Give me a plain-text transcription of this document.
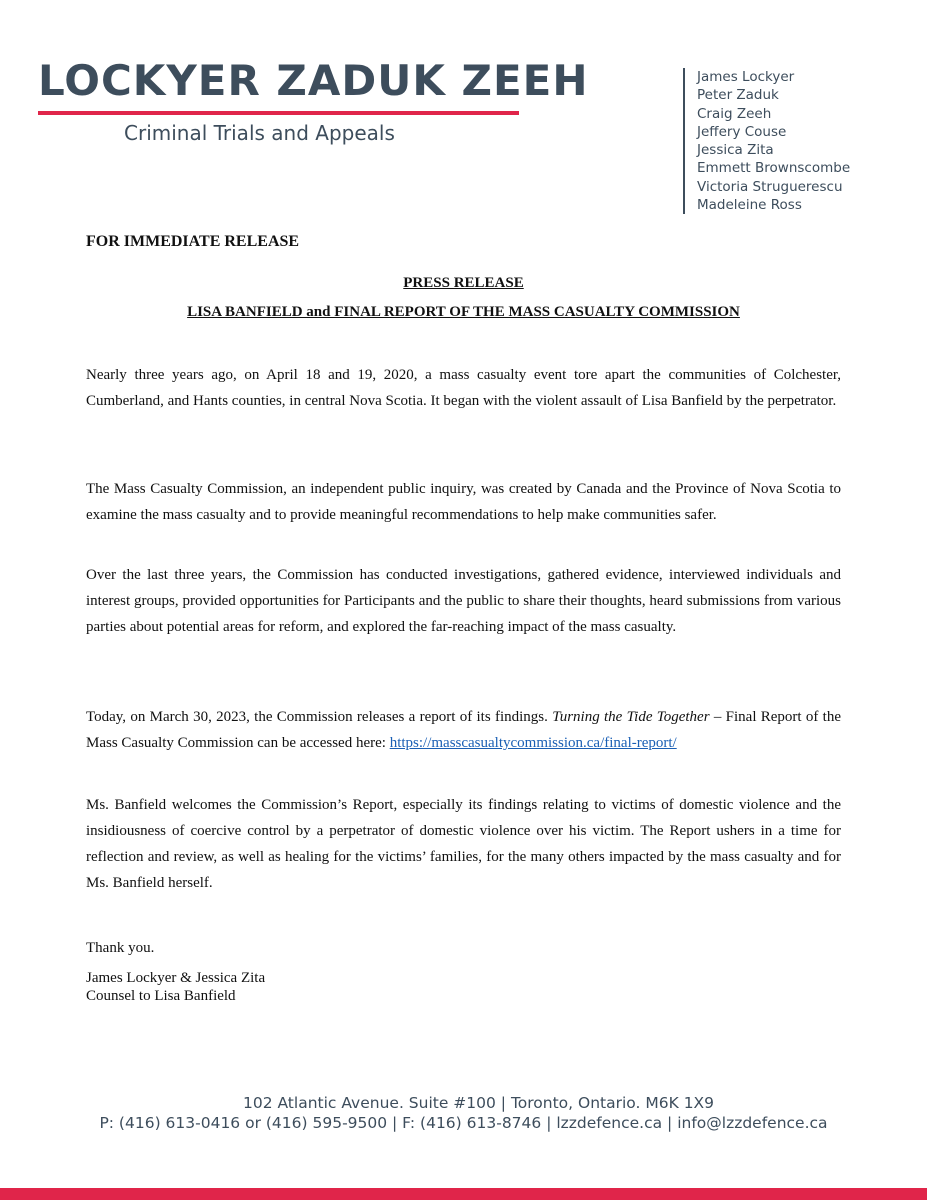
LOCKYER ZADUK ZEEH
Criminal Trials and Appeals
James Lockyer
Peter Zaduk
Craig Zeeh
Jeffery Couse
Jessica Zita
Emmett Brownscombe
Victoria Struguerescu
Madeleine Ross
FOR IMMEDIATE RELEASE
PRESS RELEASE
LISA BANFIELD and FINAL REPORT OF THE MASS CASUALTY COMMISSION

Nearly three years ago, on April 18 and 19, 2020, a mass casualty event tore apart the communities of Colchester, Cumberland, and Hants counties, in central Nova Scotia. It began with the violent assault of Lisa Banfield by the perpetrator.

The Mass Casualty Commission, an independent public inquiry, was created by Canada and the Province of Nova Scotia to examine the mass casualty and to provide meaningful recommendations to help make communities safer.

Over the last three years, the Commission has conducted investigations, gathered evidence, interviewed individuals and interest groups, provided opportunities for Participants and the public to share their thoughts, heard submissions from various parties about potential areas for reform, and explored the far-reaching impact of the mass casualty.

Today, on March 30, 2023, the Commission releases a report of its findings. Turning the Tide Together – Final Report of the Mass Casualty Commission can be accessed here: https://masscasualtycommission.ca/final-report/

Ms. Banfield welcomes the Commission’s Report, especially its findings relating to victims of domestic violence and the insidiousness of coercive control by a perpetrator of domestic violence over his victim. The Report ushers in a time for reflection and review, as well as healing for the victims’ families, for the many others impacted by the mass casualty and for Ms. Banfield herself.

Thank you.
James Lockyer & Jessica Zita
Counsel to Lisa Banfield
102 Atlantic Avenue. Suite #100 | Toronto, Ontario. M6K 1X9
P: (416) 613-0416 or (416) 595-9500 | F: (416) 613-8746 | lzzdefence.ca | info@lzzdefence.ca
